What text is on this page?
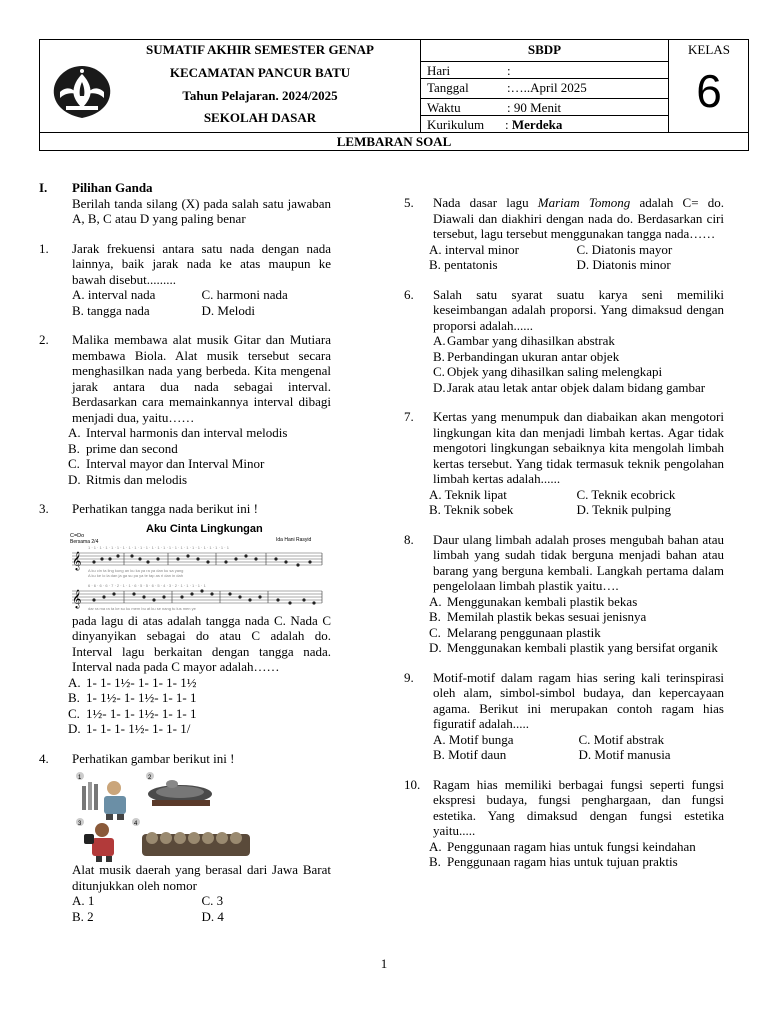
SUMATIF AKHIR SEMESTER GENAP
KECAMATAN PANCUR BATU
Tahun Pelajaran. 2024/2025
SEKOLAH DASAR
SBDP
Hari	:
Tanggal	:…..April 2025
Waktu	: 90 Menit
Kurikulum : Merdeka
KELAS
6
LEMBARAN SOAL
I. Pilihan Ganda
Berilah tanda silang (X) pada salah satu jawaban A, B, C atau D yang paling benar
1. Jarak frekuensi antara satu nada dengan nada lainnya, baik jarak nada ke atas maupun ke bawah disebut.........
A. interval nada	C. harmoni nada
B. tangga nada	D. Melodi
2. Malika membawa alat musik Gitar dan Mutiara membawa Biola. Alat musik tersebut secara menghasilkan nada yang berbeda. Kita mengenal jarak antara dua nada sebagai interval. Berdasarkan cara memainkannya interval dibagi menjadi dua, yaitu……
A. Interval harmonis dan interval melodis
B. prime dan second
C. Interval mayor dan Interval Minor
D. Ritmis dan melodis
3. Perhatikan tangga nada berikut ini !
C=Do
Bersama 2/4	Ida Hani Rasyid
𝄞
𝄞
1 · 1 · 1 · 1 · 1 · 1 · 1 · 1 · 1 · 1 · 1 · 1 · 1 · 1 · 1 · 1 · 1 · 1 · 1 · 1 · 1 · 1 · 1 · 1 · 1
A ku cin ta ling kung an ku ka ya ra ya dan ku sa yang
A ku ke lo la dan ja ga su pa ya te tap as ri dan in dah
6 · 6 · 6 · 6 · 7 · 2 · 1 · 1 · 6 · 5 · 5 · 6 · 5 · 4 · 3 · 2 · 1 · 1 · 1 · 1 · 1
dar ra ma ra ta ke su ku mem bu at ku se nang tu lus men ye
Aku Cinta Lingkungan
pada lagu di atas adalah tangga nada C. Nada C dinyanyikan sebagai do atau C adalah do. Interval lagu berkaitan dengan tangga nada. Interval nada pada C mayor adalah……
A. 1- 1- 1½- 1- 1- 1- 1½
B. 1- 1½- 1- 1½- 1- 1- 1
C. 1½- 1- 1- 1½- 1- 1- 1
D. 1- 1- 1- 1½- 1- 1- 1/
4. Perhatikan gambar berikut ini !
1	2
3	4
Alat musik daerah yang berasal dari Jawa Barat ditunjukkan oleh nomor
A. 1	C. 3
B. 2	D. 4
5. Nada dasar lagu Mariam Tomong adalah C= do. Diawali dan diakhiri dengan nada do. Berdasarkan ciri tersebut, lagu tersebut menggunakan tangga nada……
A. interval minor	C. Diatonis mayor
B. pentatonis	D. Diatonis minor
6. Salah satu syarat suatu karya seni memiliki keseimbangan adalah proporsi. Yang dimaksud dengan proporsi adalah......
A. Gambar yang dihasilkan abstrak
B. Perbandingan ukuran antar objek
C. Objek yang dihasilkan saling melengkapi
D. Jarak atau letak antar objek dalam bidang gambar
7. Kertas yang menumpuk dan diabaikan akan mengotori lingkungan kita dan menjadi limbah kertas. Agar tidak mengotori lingkungan sebaiknya kita mengolah limbah kertas tersebut. Yang tidak termasuk teknik pengolahan limbah kertas adalah......
A. Teknik lipat	C. Teknik ecobrick
B. Teknik sobek	D. Teknik pulping
8. Daur ulang limbah adalah proses mengubah bahan atau limbah yang sudah tidak berguna menjadi bahan atau barang yang berguna kembali. Langkah pertama dalam pengelolaan limbah plastik yaitu….
A. Menggunakan kembali plastik bekas
B. Memilah plastik bekas sesuai jenisnya
C. Melarang penggunaan plastik
D. Menggunakan kembali plastik yang bersifat organik
9. Motif-motif dalam ragam hias sering kali terinspirasi oleh alam, simbol-simbol budaya, dan kepercayaan agama. Berikut ini merupakan contoh ragam hias figuratif adalah.....
A. Motif bunga	C. Motif abstrak
B. Motif daun	D. Motif manusia
10. Ragam hias memiliki berbagai fungsi seperti fungsi ekspresi budaya, fungsi penghargaan, dan fungsi estetika. Yang dimaksud dengan fungsi estetika yaitu.....
A. Penggunaan ragam hias untuk fungsi keindahan
B. Penggunaan ragam hias untuk tujuan praktis
1
